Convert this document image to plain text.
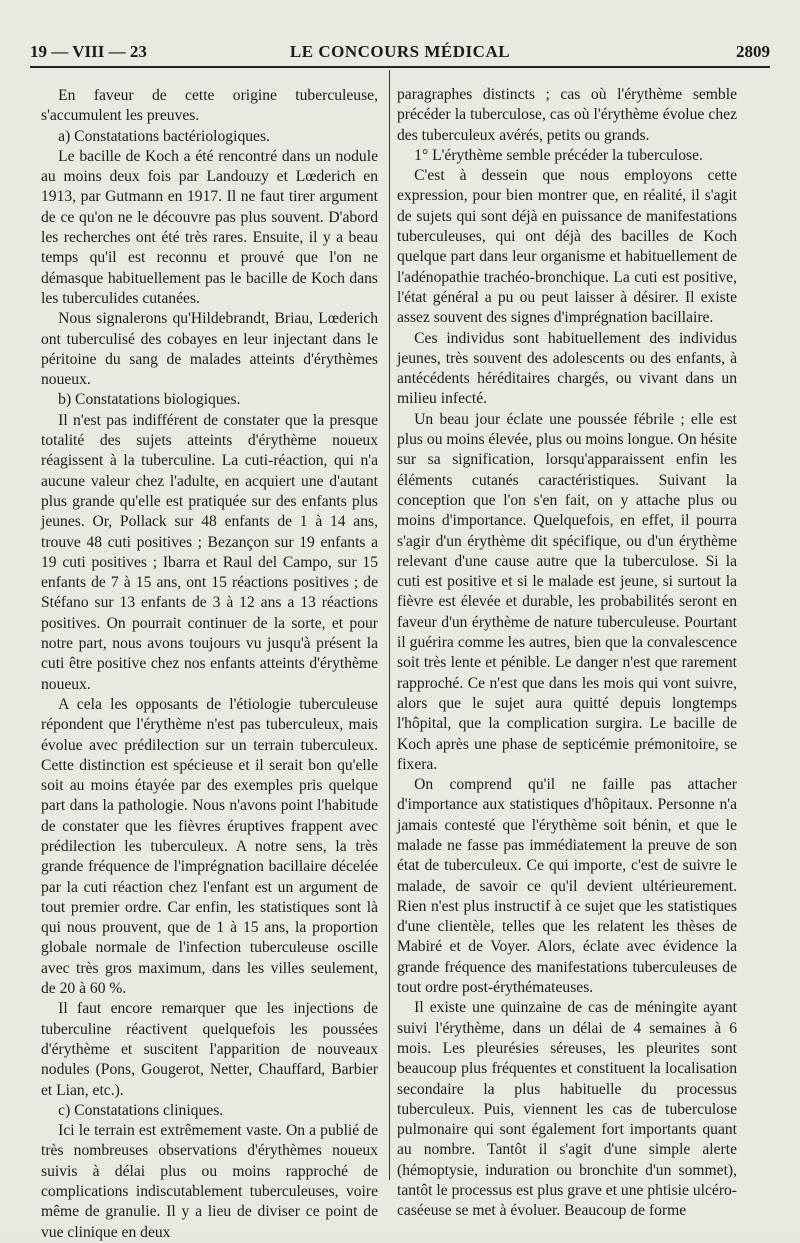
19 — VIII — 23	LE CONCOURS MÉDICAL	2809

En faveur de cette origine tuberculeuse, s'accumulent les preuves.

a) Constatations bactériologiques.

Le bacille de Koch a été rencontré dans un nodule au moins deux fois par Landouzy et Lœderich en 1913, par Gutmann en 1917. Il ne faut tirer argument de ce qu'on ne le découvre pas plus souvent. D'abord les recherches ont été très rares. Ensuite, il y a beau temps qu'il est reconnu et prouvé que l'on ne démasque habituellement pas le bacille de Koch dans les tuberculides cutanées.

Nous signalerons qu'Hildebrandt, Briau, Lœderich ont tuberculisé des cobayes en leur injectant dans le péritoine du sang de malades atteints d'érythèmes noueux.

b) Constatations biologiques.

Il n'est pas indifférent de constater que la presque totalité des sujets atteints d'érythème noueux réagissent à la tuberculine. La cuti-réaction, qui n'a aucune valeur chez l'adulte, en acquiert une d'autant plus grande qu'elle est pratiquée sur des enfants plus jeunes. Or, Pollack sur 48 enfants de 1 à 14 ans, trouve 48 cuti positives ; Bezançon sur 19 enfants a 19 cuti positives ; Ibarra et Raul del Campo, sur 15 enfants de 7 à 15 ans, ont 15 réactions positives ; de Stéfano sur 13 enfants de 3 à 12 ans a 13 réactions positives. On pourrait continuer de la sorte, et pour notre part, nous avons toujours vu jusqu'à présent la cuti être positive chez nos enfants atteints d'érythème noueux.

A cela les opposants de l'étiologie tuberculeuse répondent que l'érythème n'est pas tuberculeux, mais évolue avec prédilection sur un terrain tuberculeux. Cette distinction est spécieuse et il serait bon qu'elle soit au moins étayée par des exemples pris quelque part dans la pathologie. Nous n'avons point l'habitude de constater que les fièvres éruptives frappent avec prédilection les tuberculeux. A notre sens, la très grande fréquence de l'imprégnation bacillaire décelée par la cuti réaction chez l'enfant est un argument de tout premier ordre. Car enfin, les statistiques sont là qui nous prouvent, que de 1 à 15 ans, la proportion globale normale de l'infection tuberculeuse oscille avec très gros maximum, dans les villes seulement, de 20 à 60 %.

Il faut encore remarquer que les injections de tuberculine réactivent quelquefois les poussées d'érythème et suscitent l'apparition de nouveaux nodules (Pons, Gougerot, Netter, Chauffard, Barbier et Lian, etc.).

c) Constatations cliniques.

Ici le terrain est extrêmement vaste. On a publié de très nombreuses observations d'érythèmes noueux suivis à délai plus ou moins rapproché de complications indiscutablement tuberculeuses, voire même de granulie. Il y a lieu de diviser ce point de vue clinique en deux

paragraphes distincts ; cas où l'érythème semble précéder la tuberculose, cas où l'érythème évolue chez des tuberculeux avérés, petits ou grands.

1° L'érythème semble précéder la tuberculose.

C'est à dessein que nous employons cette expression, pour bien montrer que, en réalité, il s'agit de sujets qui sont déjà en puissance de manifestations tuberculeuses, qui ont déjà des bacilles de Koch quelque part dans leur organisme et habituellement de l'adénopathie trachéo-bronchique. La cuti est positive, l'état général a pu ou peut laisser à désirer. Il existe assez souvent des signes d'imprégnation bacillaire.

Ces individus sont habituellement des individus jeunes, très souvent des adolescents ou des enfants, à antécédents héréditaires chargés, ou vivant dans un milieu infecté.

Un beau jour éclate une poussée fébrile ; elle est plus ou moins élevée, plus ou moins longue. On hésite sur sa signification, lorsqu'apparaissent enfin les éléments cutanés caractéristiques. Suivant la conception que l'on s'en fait, on y attache plus ou moins d'importance. Quelquefois, en effet, il pourra s'agir d'un érythème dit spécifique, ou d'un érythème relevant d'une cause autre que la tuberculose. Si la cuti est positive et si le malade est jeune, si surtout la fièvre est élevée et durable, les probabilités seront en faveur d'un érythème de nature tuberculeuse. Pourtant il guérira comme les autres, bien que la convalescence soit très lente et pénible. Le danger n'est que rarement rapproché. Ce n'est que dans les mois qui vont suivre, alors que le sujet aura quitté depuis longtemps l'hôpital, que la complication surgira. Le bacille de Koch après une phase de septicémie prémonitoire, se fixera.

On comprend qu'il ne faille pas attacher d'importance aux statistiques d'hôpitaux. Personne n'a jamais contesté que l'érythème soit bénin, et que le malade ne fasse pas immédiatement la preuve de son état de tuberculeux. Ce qui importe, c'est de suivre le malade, de savoir ce qu'il devient ultérieurement. Rien n'est plus instructif à ce sujet que les statistiques d'une clientèle, telles que les relatent les thèses de Mabiré et de Voyer. Alors, éclate avec évidence la grande fréquence des manifestations tuberculeuses de tout ordre post-érythémateuses.

Il existe une quinzaine de cas de méningite ayant suivi l'érythème, dans un délai de 4 semaines à 6 mois. Les pleurésies séreuses, les pleurites sont beaucoup plus fréquentes et constituent la localisation secondaire la plus habituelle du processus tuberculeux. Puis, viennent les cas de tuberculose pulmonaire qui sont également fort importants quant au nombre. Tantôt il s'agit d'une simple alerte (hémoptysie, induration ou bronchite d'un sommet), tantôt le processus est plus grave et une phtisie ulcéro-caséeuse se met à évoluer. Beaucoup de forme
